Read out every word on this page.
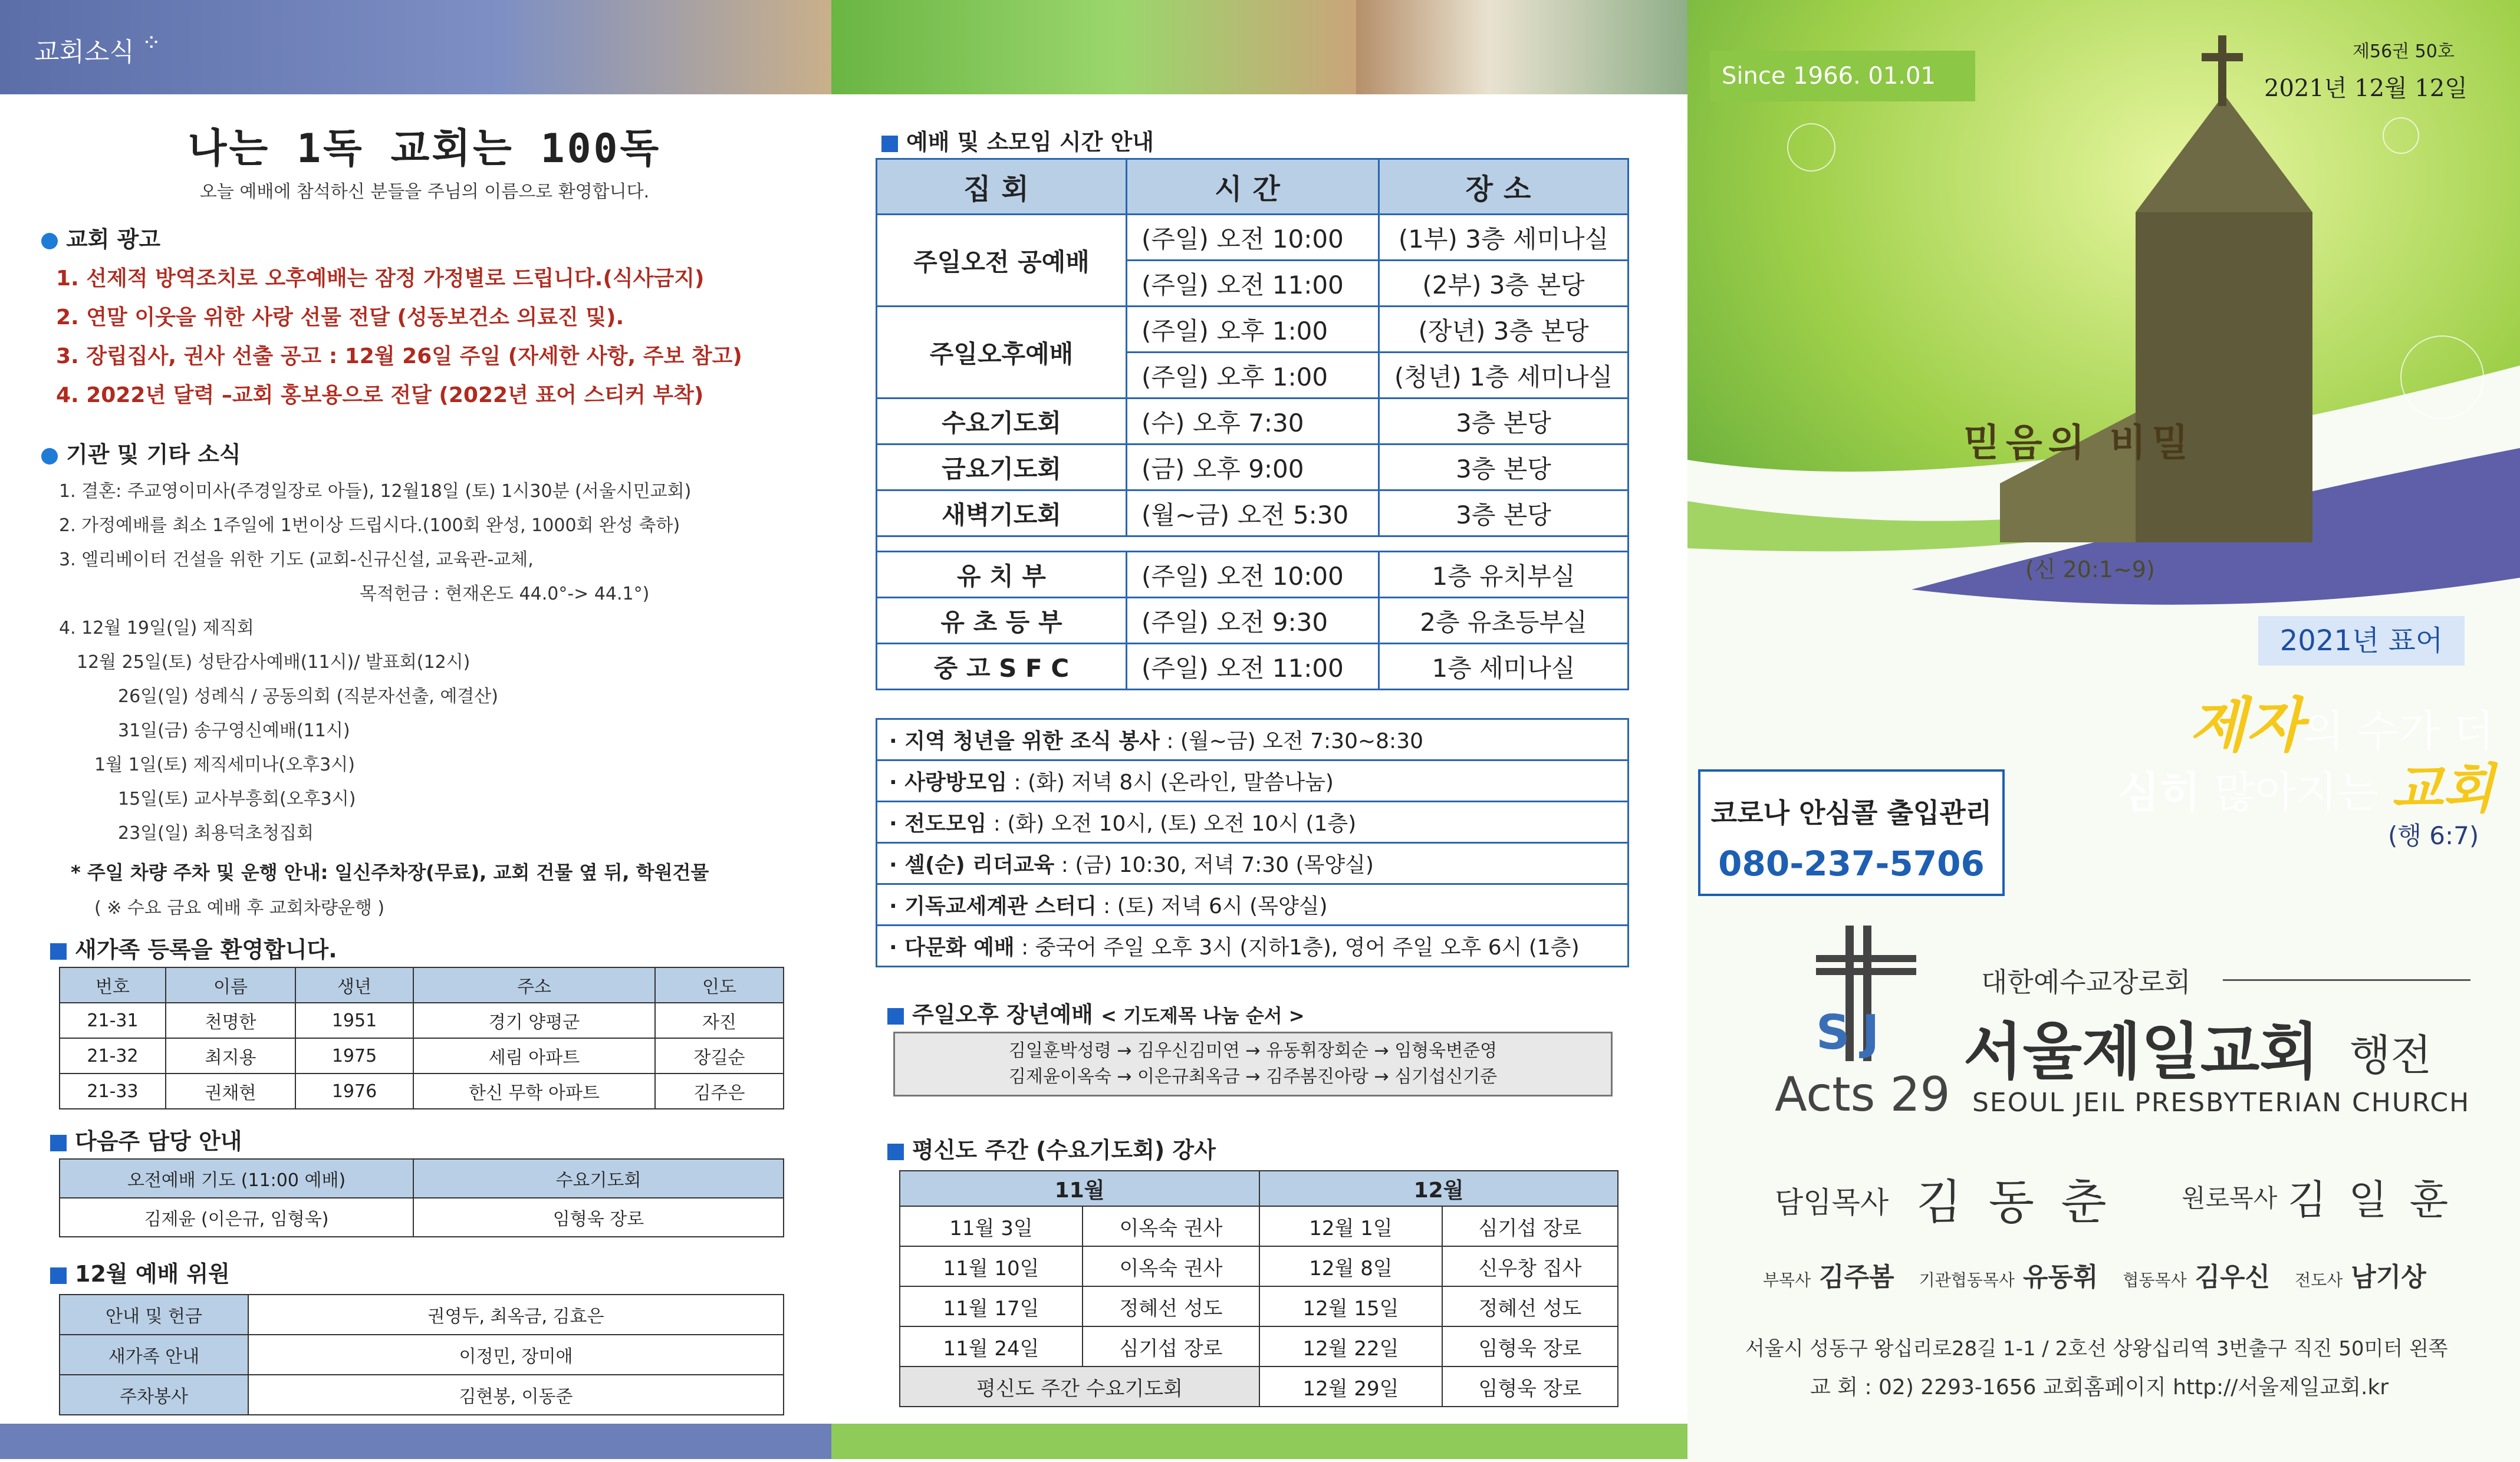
교회소식 ⁘
나는 1독 교회는 100독
오늘 예배에 참석하신 분들을 주님의 이름으로 환영합니다.
교회 광고
1. 선제적 방역조치로 오후예배는 잠정 가정별로 드립니다.(식사금지)
2. 연말 이웃을 위한 사랑 선물 전달 (성동보건소 의료진 및).
3. 장립집사, 권사 선출 공고 : 12월 26일 주일 (자세한 사항, 주보 참고)
4. 2022년 달력 –교회 홍보용으로 전달 (2022년 표어 스티커 부착)
기관 및 기타 소식
1. 결혼: 주교영이미사(주경일장로 아들), 12월18일 (토) 1시30분 (서울시민교회)
2. 가정예배를 최소 1주일에 1번이상 드립시다.(100회 완성, 1000회 완성 축하)
3. 엘리베이터 건설을 위한 기도 (교회-신규신설, 교육관-교체,
목적헌금 : 현재온도 44.0°-> 44.1°)
4. 12월 19일(일) 제직회
12월 25일(토) 성탄감사예배(11시)/ 발표회(12시)
26일(일) 성례식 / 공동의회 (직분자선출, 예결산)
31일(금) 송구영신예배(11시)
1월 1일(토) 제직세미나(오후3시)
15일(토) 교사부흥회(오후3시)
23일(일) 최용덕초청집회
* 주일 차량 주차 및 운행 안내: 일신주차장(무료), 교회 건물 옆 뒤, 학원건물
( ※ 수요 금요 예배 후 교회차량운행 )
새가족 등록을 환영합니다.
번호	이름	생년	주소	인도
21-31	천명한	1951	경기 양평군	자진
21-32	최지용	1975	세림 아파트	장길순
21-33	권채현	1976	한신 무학 아파트	김주은
다음주 담당 안내
오전예배 기도 (11:00 예배)	수요기도회
김제윤 (이은규, 임형욱)	임형욱 장로
12월 예배 위원
안내 및 헌금	권영두, 최옥금, 김효은
새가족 안내	이정민, 장미애
주차봉사	김현봉, 이동준
예배 및 소모임 시간 안내
집회	시간	장소
주일오전 공예배	(주일) 오전 10:00	(1부) 3층 세미나실
	(주일) 오전 11:00	(2부) 3층 본당
주일오후예배	(주일) 오후 1:00	(장년) 3층 본당
	(주일) 오후 1:00	(청년) 1층 세미나실
수요기도회	(수) 오후 7:30	3층 본당
금요기도회	(금) 오후 9:00	3층 본당
새벽기도회	(월~금) 오전 5:30	3층 본당

유 치 부	(주일) 오전 10:00	1층 유치부실
유 초 등 부	(주일) 오전 9:30	2층 유초등부실
중 고 S F C	(주일) 오전 11:00	1층 세미나실
· 지역 청년을 위한 조식 봉사 : (월~금) 오전 7:30~8:30
· 사랑방모임 : (화) 저녁 8시 (온라인, 말씀나눔)
· 전도모임 : (화) 오전 10시, (토) 오전 10시 (1층)
· 셀(순) 리더교육 : (금) 10:30, 저녁 7:30 (목양실)
· 기독교세계관 스터디 : (토) 저녁 6시 (목양실)
· 다문화 예배 : 중국어 주일 오후 3시 (지하1층), 영어 주일 오후 6시 (1층)
주일오후 장년예배 < 기도제목 나눔 순서 >
김일훈박성령 → 김우신김미연 → 유동휘장회순 → 임형욱변준영
김제윤이옥숙 → 이은규최옥금 → 김주봄진아랑 → 심기섭신기준
평신도 주간 (수요기도회) 강사
11월		12월	
11월 3일	이옥숙 권사	12월 1일	심기섭 장로
11월 10일	이옥숙 권사	12월 8일	신우창 집사
11월 17일	정혜선 성도	12월 15일	정혜선 성도
11월 24일	심기섭 장로	12월 22일	임형욱 장로
평신도 주간 수요기도회		12월 29일	임형욱 장로
Since 1966. 01.01
제56권 50호
2021년 12월 12일
믿음의 비밀
(신 20:1~9)
2021년 표어
제자의 수가 더
심히 많아지는 교회
(행 6:7)
코로나 안심콜 출입관리
080-237-5706
SJ
Acts 29
대한예수교장로회
서울제일교회 행전
SEOUL JEIL PRESBYTERIAN CHURCH
담임목사 김 동 춘	원로목사 김 일 훈
부목사 김주봄 기관협동목사 유동휘 협동목사 김우신 전도사 남기상
서울시 성동구 왕십리로28길 1-1 / 2호선 상왕십리역 3번출구 직진 50미터 왼쪽
교 회 : 02) 2293-1656 교회홈페이지 http://서울제일교회.kr
